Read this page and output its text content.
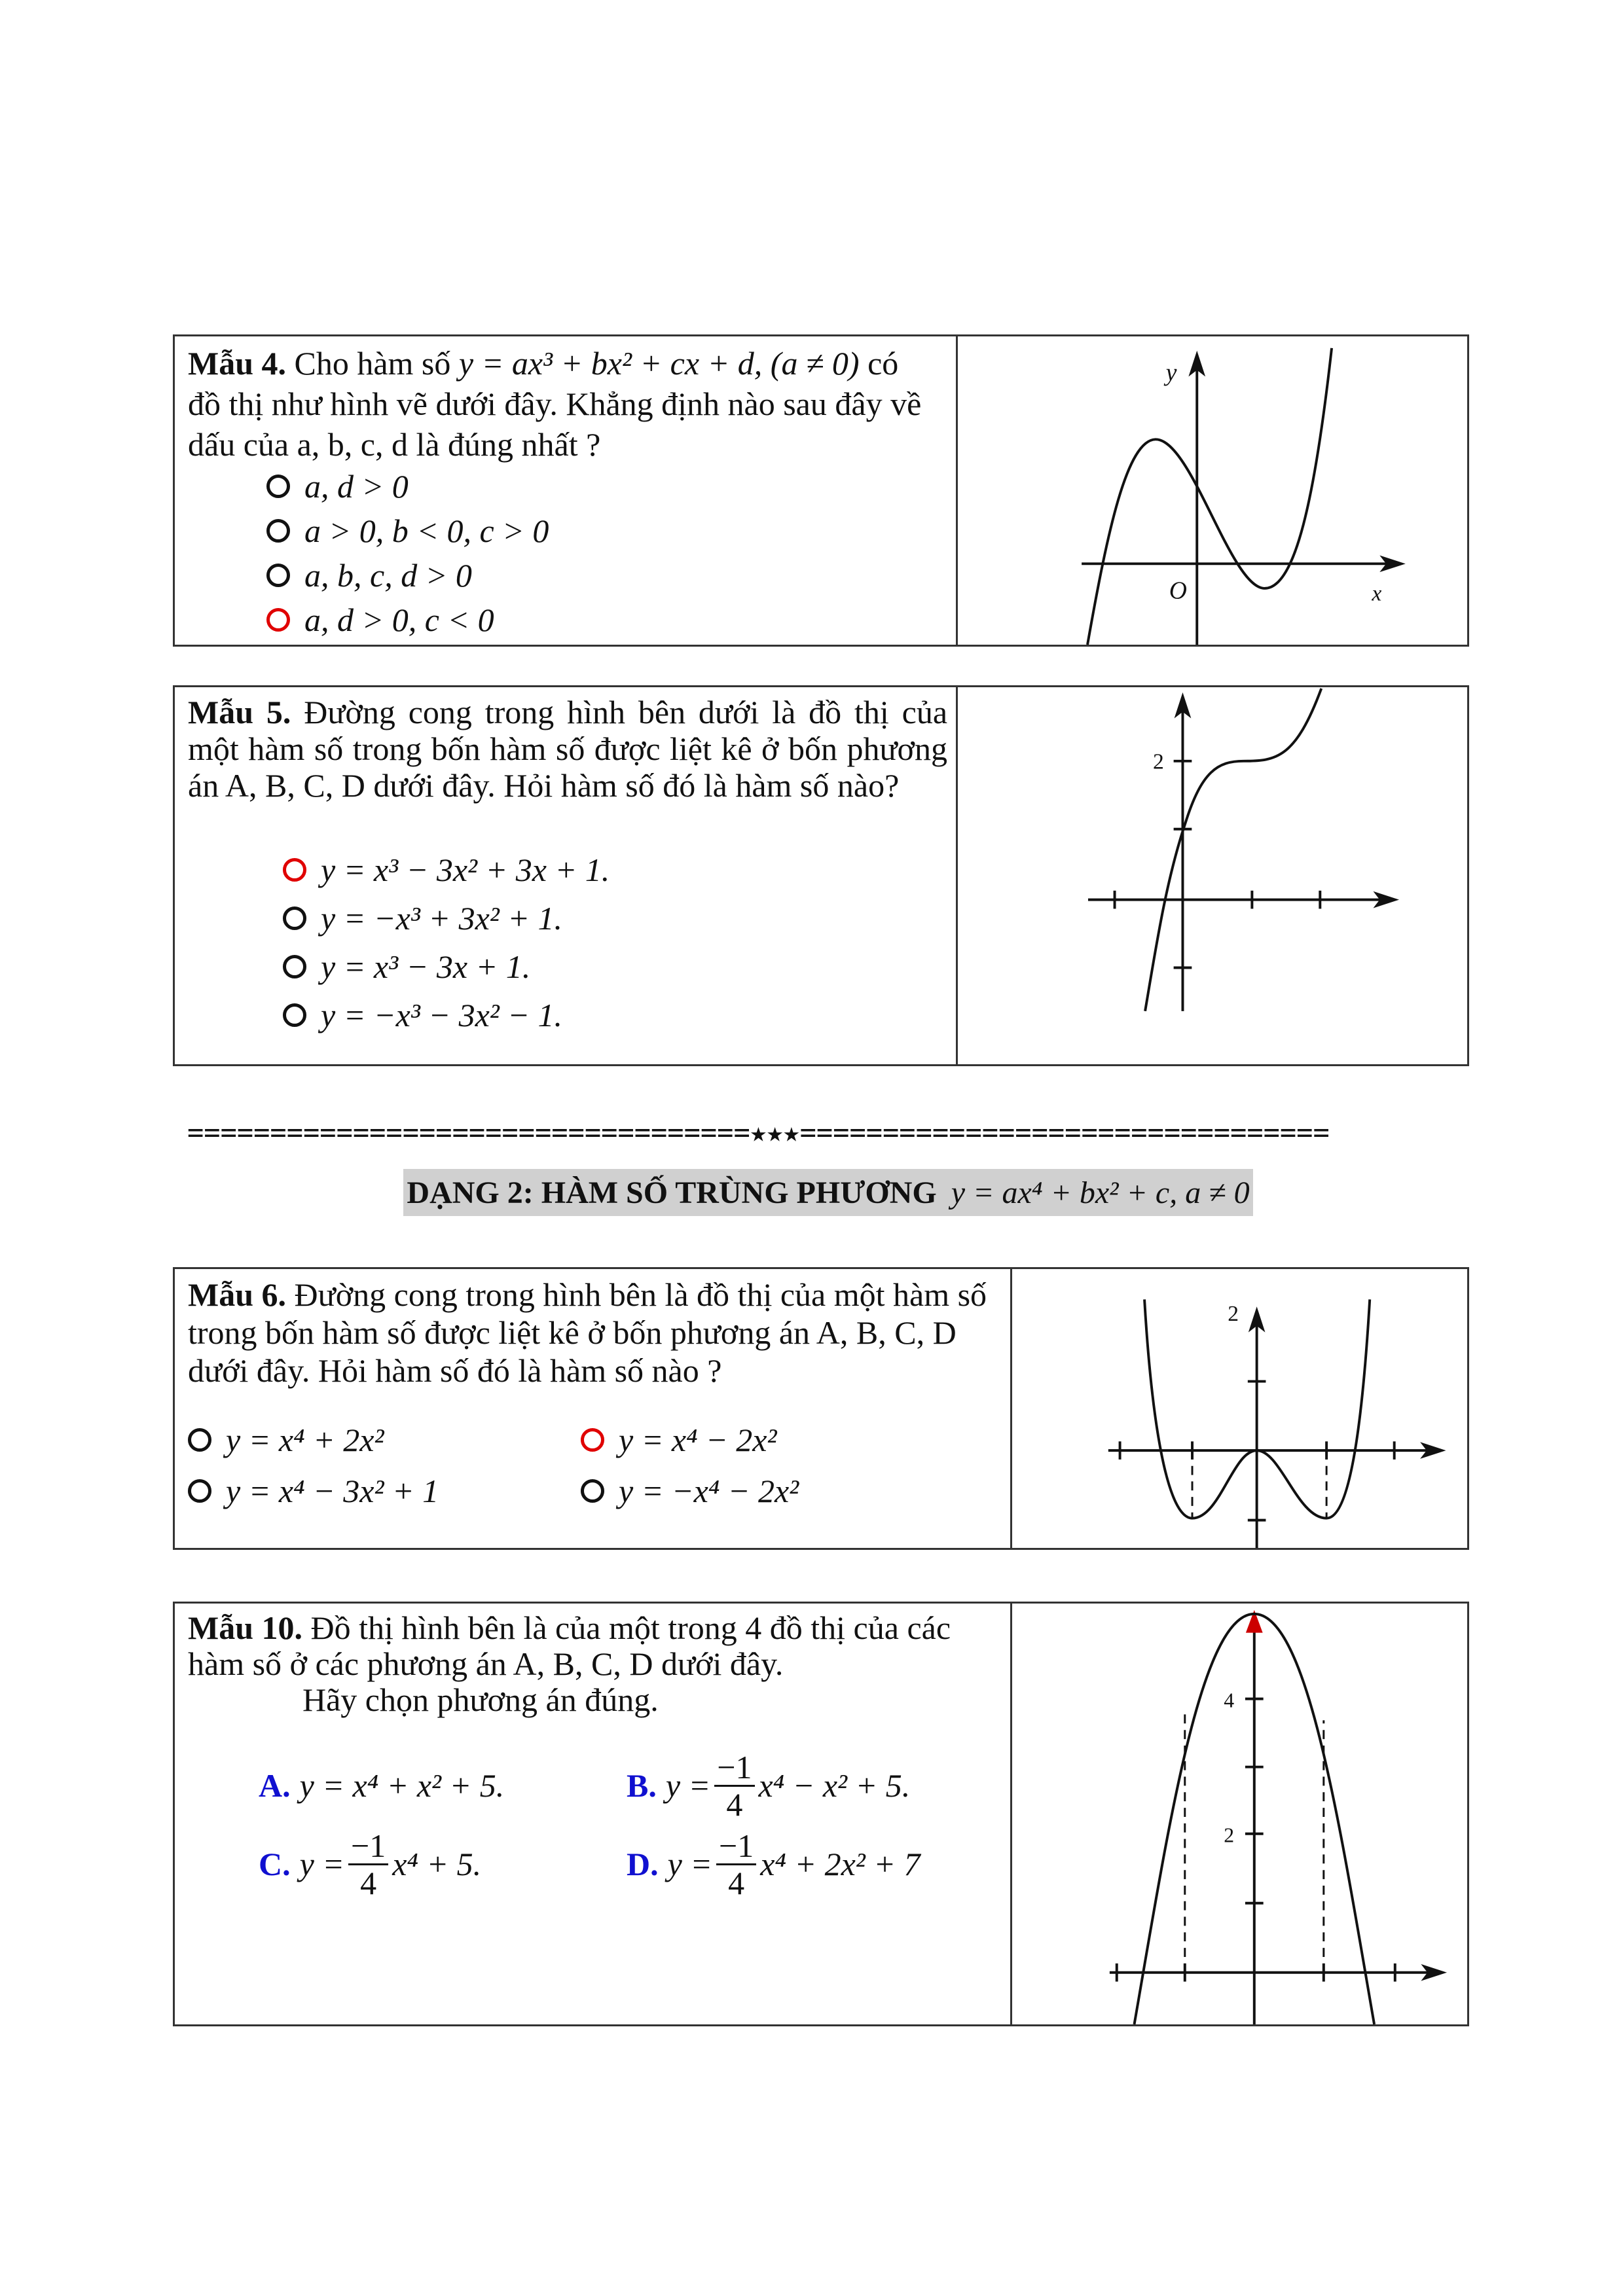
Mẫu 4. Cho hàm số y = ax³ + bx² + cx + d, (a ≠ 0) có
đồ thị như hình vẽ dưới đây. Khẳng định nào sau đây về
dấu của a, b, c, d là đúng nhất ?
a, d > 0
a > 0, b < 0, c > 0
a, b, c, d > 0
a, d > 0, c < 0
y
O	x
Mẫu 5. Đường cong trong hình bên dưới là đồ thị của một hàm số trong bốn hàm số được liệt kê ở bốn phương án A, B, C, D dưới đây. Hỏi hàm số đó là hàm số nào?
y = x³ − 3x² + 3x + 1.
y = −x³ + 3x² + 1.
y = x³ − 3x + 1.
y = −x³ − 3x² − 1.
2
==================================★★★================================
DẠNG 2: HÀM SỐ TRÙNG PHƯƠNG y = ax⁴ + bx² + c, a ≠ 0
Mẫu 6. Đường cong trong hình bên là đồ thị của một hàm số trong bốn hàm số được liệt kê ở bốn phương án A, B, C, D dưới đây. Hỏi hàm số đó là hàm số nào ?
y = x⁴ + 2x²	y = x⁴ − 2x²
y = x⁴ − 3x² + 1	y = −x⁴ − 2x²
2
Mẫu 10. Đồ thị hình bên là của một trong 4 đồ thị của các hàm số ở các phương án A, B, C, D dưới đây.
Hãy chọn phương án đúng.
A. y = x⁴ + x² + 5.	B. $y = \frac{-1}{4} x^4 - x^2 + 5$.
C. $y = \frac{-1}{4} x^4 + 5$.	D. $y = \frac{-1}{4} x^4 + 2x^2 + 7$
4
2
